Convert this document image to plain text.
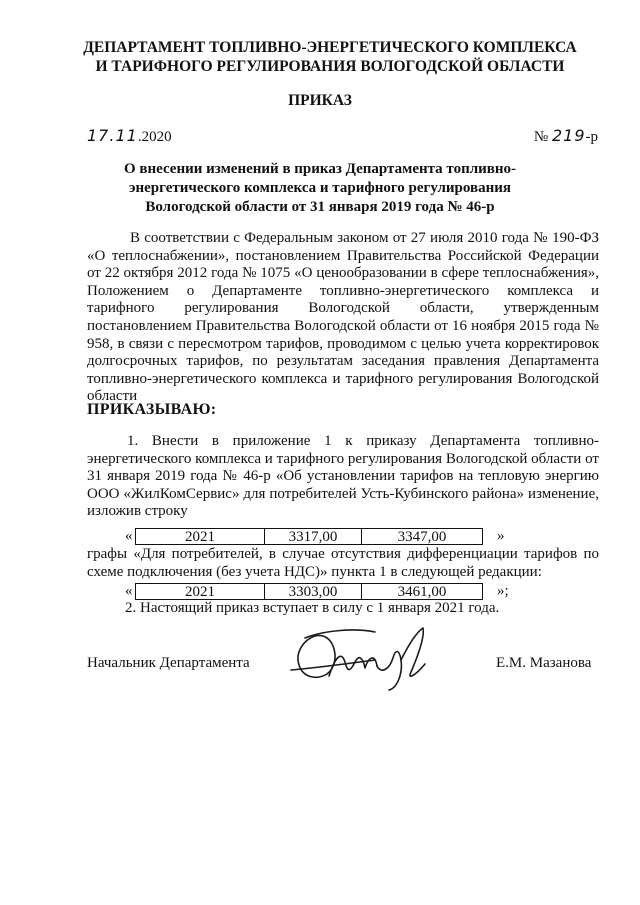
ДЕПАРТАМЕНТ ТОПЛИВНО-ЭНЕРГЕТИЧЕСКОГО КОМПЛЕКСА
И ТАРИФНОГО РЕГУЛИРОВАНИЯ ВОЛОГОДСКОЙ ОБЛАСТИ
ПРИКАЗ
17.11.2020	№ 219-р
О внесении изменений в приказ Департамента топливно-энергетического комплекса и тарифного регулирования Вологодской области от 31 января 2019 года № 46-р
В соответствии с Федеральным законом от 27 июля 2010 года № 190-ФЗ «О теплоснабжении», постановлением Правительства Российской Федерации от 22 октября 2012 года № 1075 «О ценообразовании в сфере теплоснабжения», Положением о Департаменте топливно-энергетического комплекса и тарифного регулирования Вологодской области, утвержденным постановлением Правительства Вологодской области от 16 ноября 2015 года № 958, в связи с пересмотром тарифов, проводимом с целью учета корректировок долгосрочных тарифов, по результатам заседания правления Департамента топливно-энергетического комплекса и тарифного регулирования Вологодской области
ПРИКАЗЫВАЮ:
1. Внести в приложение 1 к приказу Департамента топливно-энергетического комплекса и тарифного регулирования Вологодской области от 31 января 2019 года № 46-р «Об установлении тарифов на тепловую энергию ООО «ЖилКомСервис» для потребителей Усть-Кубинского района» изменение, изложив строку
«	2021	3317,00	3347,00	»
графы «Для потребителей, в случае отсутствия дифференциации тарифов по схеме подключения (без учета НДС)» пункта 1 в следующей редакции:
«	2021	3303,00	3461,00	»;
2. Настоящий приказ вступает в силу с 1 января 2021 года.
Начальник Департамента	Е.М. Мазанова
